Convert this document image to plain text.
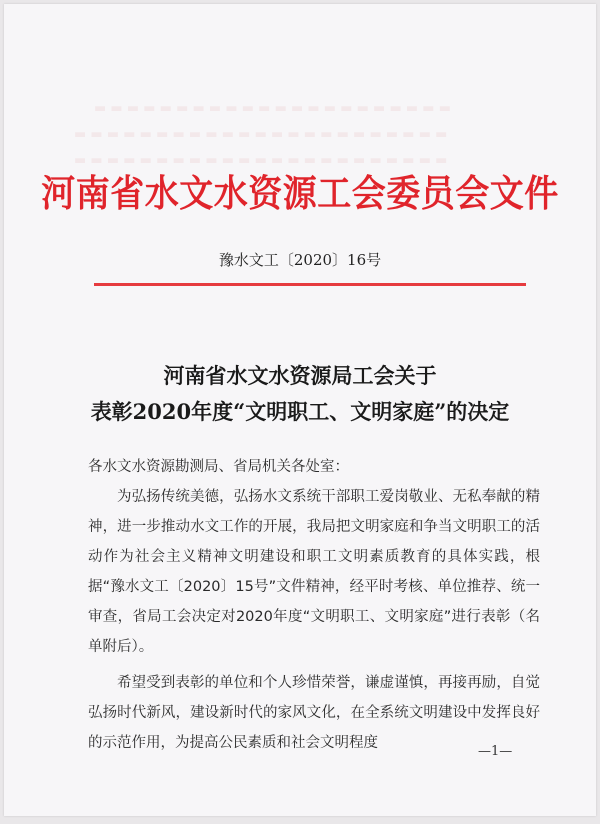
▬ ▬ ▬ ▬ ▬ ▬ ▬ ▬ ▬ ▬ ▬ ▬ ▬ ▬ ▬ ▬ ▬ ▬ ▬ ▬ ▬ ▬
▬ ▬ ▬ ▬ ▬ ▬ ▬ ▬ ▬ ▬ ▬ ▬ ▬ ▬ ▬ ▬ ▬ ▬ ▬ ▬ ▬ ▬ ▬
▬ ▬ ▬ ▬ ▬ ▬ ▬ ▬ ▬ ▬ ▬ ▬ ▬ ▬ ▬ ▬ ▬ ▬ ▬ ▬ ▬ ▬ ▬
河南省水文水资源工会委员会文件
豫水文工〔2020〕16号
河南省水文水资源局工会关于
表彰2020年度“文明职工、文明家庭”的决定

各水文水资源勘测局、省局机关各处室：

为弘扬传统美德，弘扬水文系统干部职工爱岗敬业、无私奉献的精神，进一步推动水文工作的开展，我局把文明家庭和争当文明职工的活动作为社会主义精神文明建设和职工文明素质教育的具体实践，根据“豫水文工〔2020〕15号”文件精神，经平时考核、单位推荐、统一审查，省局工会决定对2020年度“文明职工、文明家庭”进行表彰（名单附后）。

希望受到表彰的单位和个人珍惜荣誉，谦虚谨慎，再接再励，自觉弘扬时代新风，建设新时代的家风文化，在全系统文明建设中发挥良好的示范作用，为提高公民素质和社会文明程度

—1—
